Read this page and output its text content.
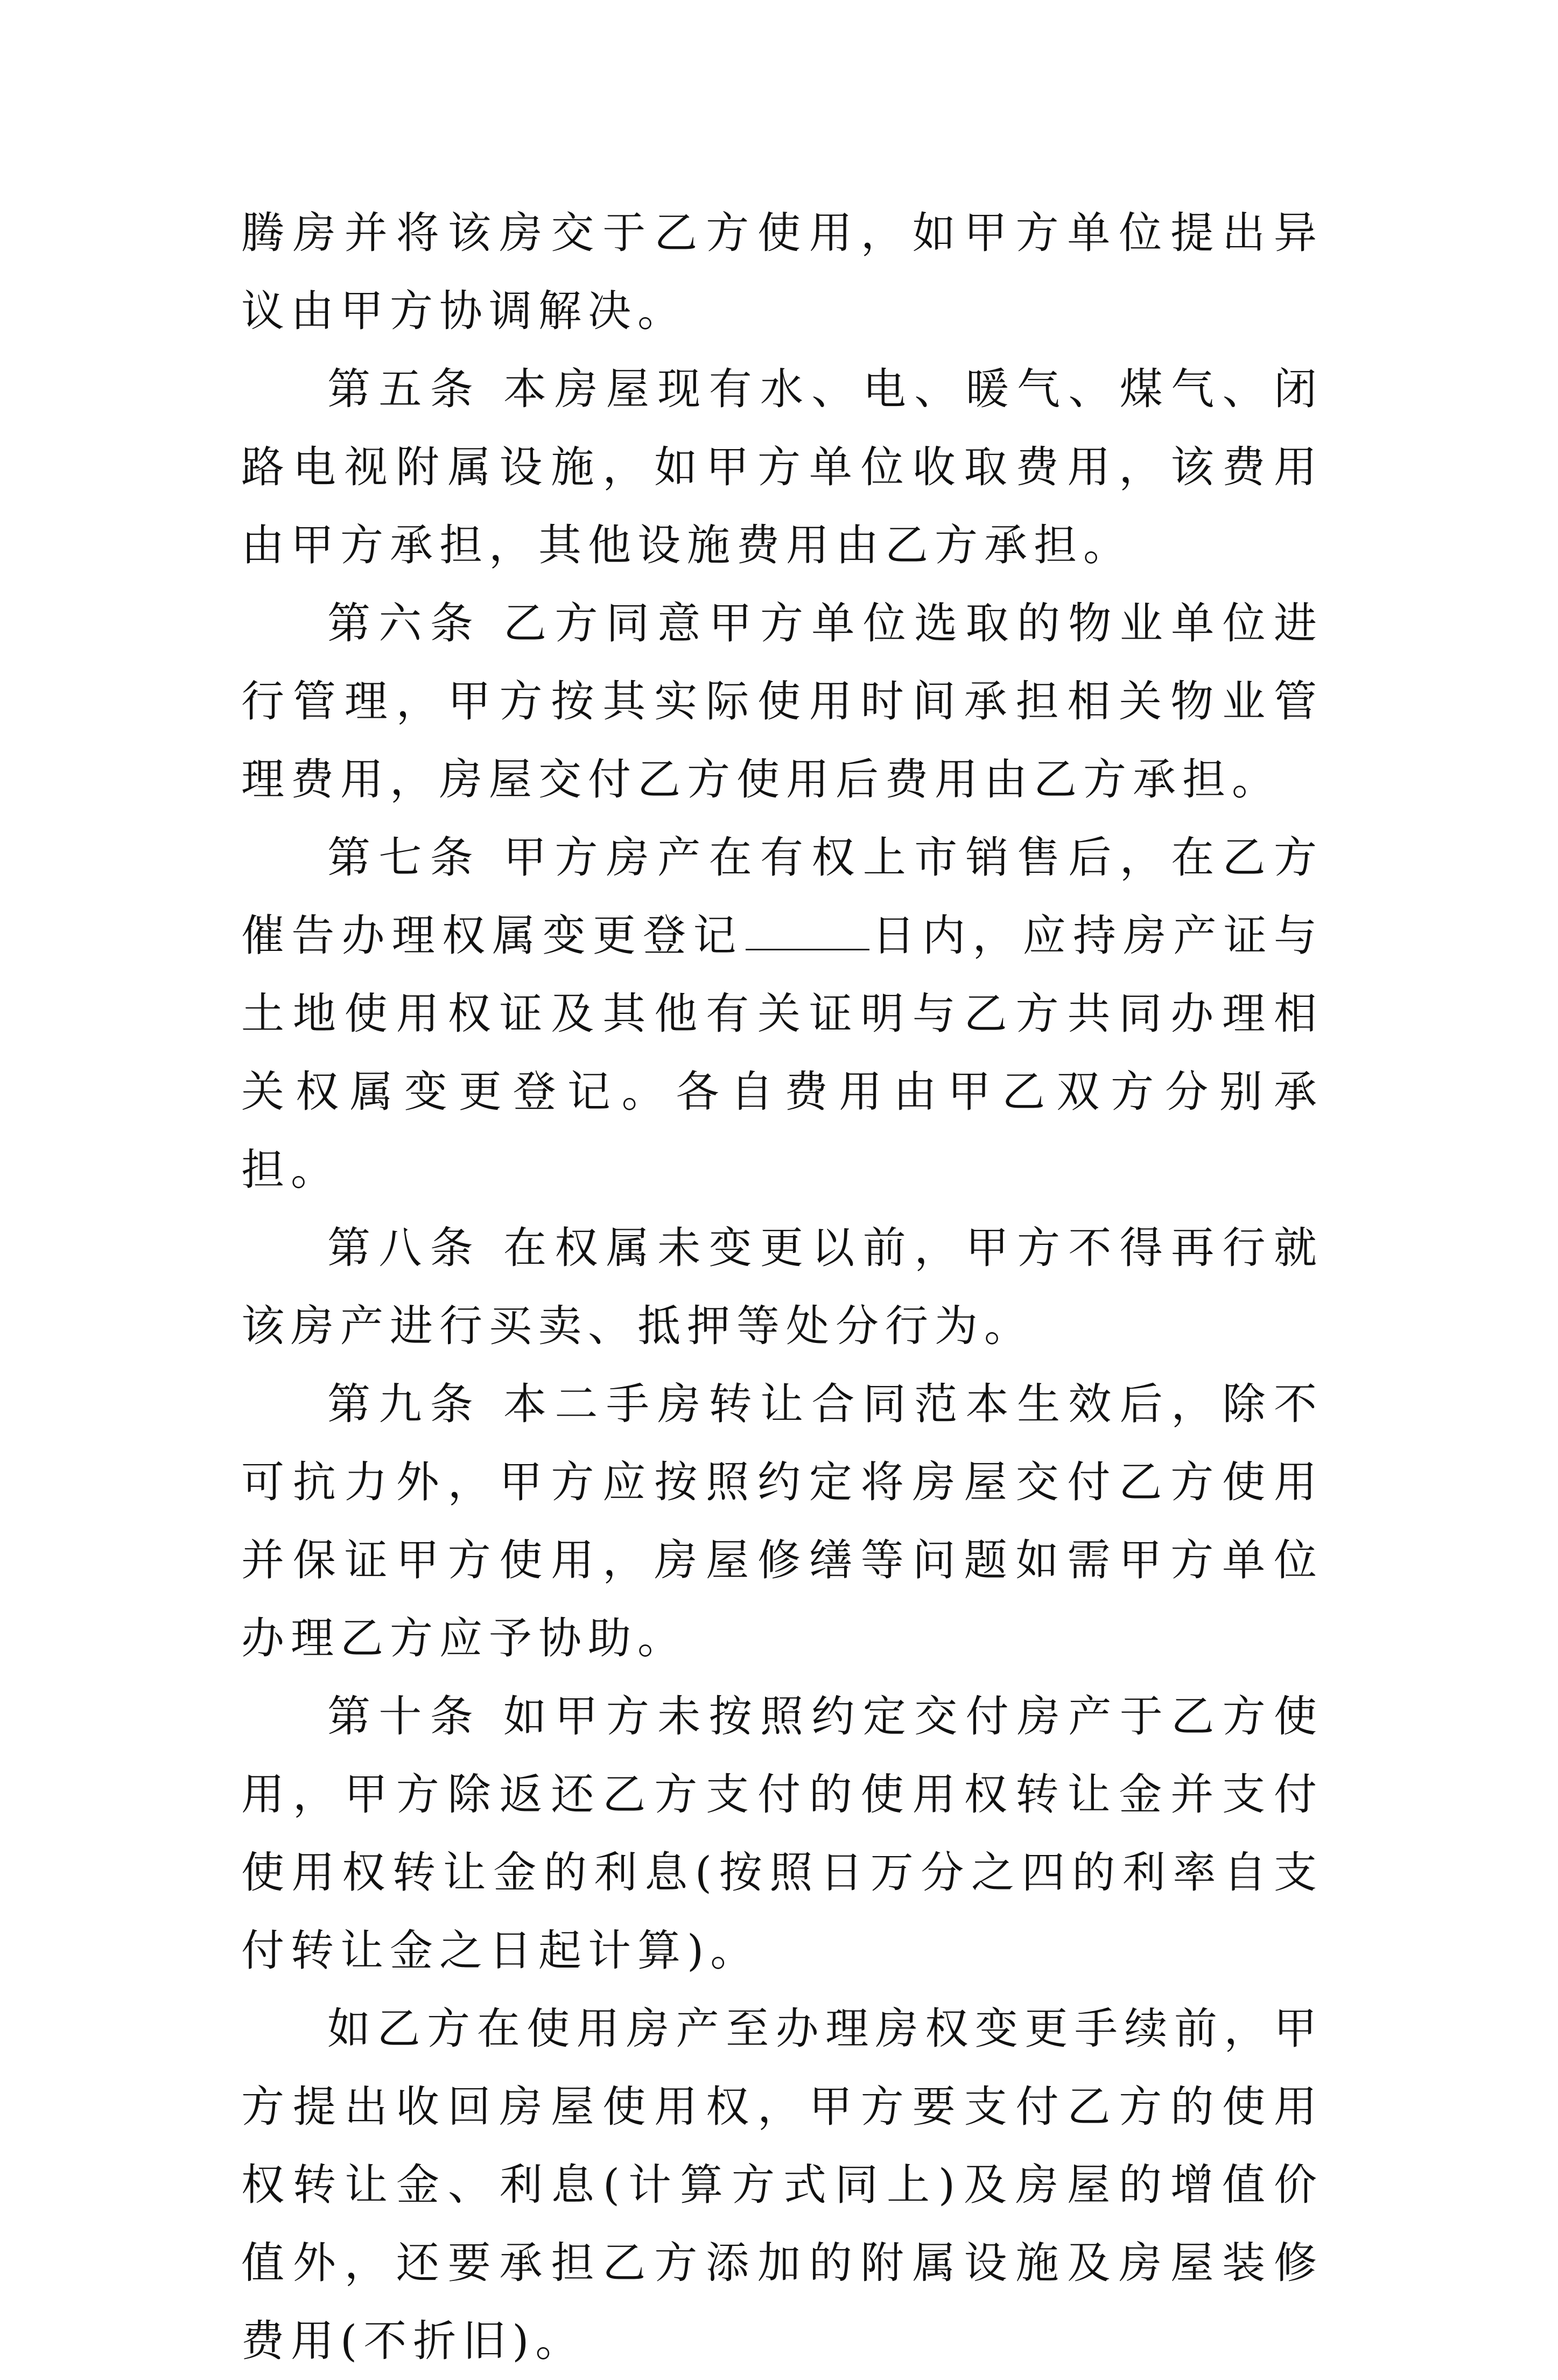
腾房并将该房交于乙方使用，如甲方单位提出异议由甲方协调解决。

第五条 本房屋现有水、电、暖气、煤气、闭路电视附属设施，如甲方单位收取费用，该费用由甲方承担，其他设施费用由乙方承担。

第六条 乙方同意甲方单位选取的物业单位进行管理，甲方按其实际使用时间承担相关物业管理费用，房屋交付乙方使用后费用由乙方承担。

第七条 甲方房产在有权上市销售后，在乙方催告办理权属变更登记	日内，应持房产证与土地使用权证及其他有关证明与乙方共同办理相关权属变更登记。各自费用由甲乙双方分别承担。

第八条 在权属未变更以前，甲方不得再行就该房产进行买卖、抵押等处分行为。

第九条 本二手房转让合同范本生效后，除不可抗力外，甲方应按照约定将房屋交付乙方使用并保证甲方使用，房屋修缮等问题如需甲方单位办理乙方应予协助。

第十条 如甲方未按照约定交付房产于乙方使用，甲方除返还乙方支付的使用权转让金并支付使用权转让金的利息(按照日万分之四的利率自支付转让金之日起计算)。

如乙方在使用房产至办理房权变更手续前，甲方提出收回房屋使用权，甲方要支付乙方的使用权转让金、利息(计算方式同上)及房屋的增值价值外，还要承担乙方添加的附属设施及房屋装修费用(不折旧)。
